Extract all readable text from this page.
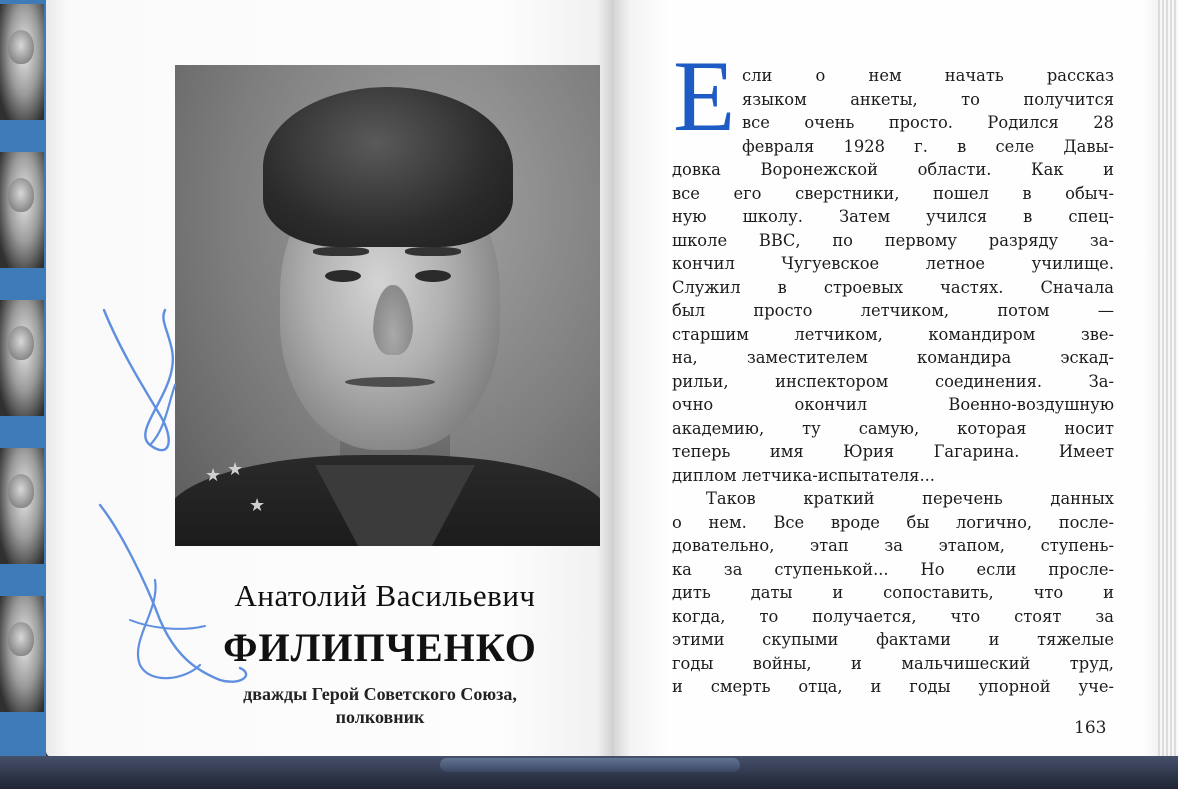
★ ★
★
Анатолий Васильевич
ФИЛИПЧЕНКО
дважды Герой Советского Союза,
полковник
Е сли о нем начать рассказ
языком анкеты, то получится
все очень просто. Родился 28
февраля 1928 г. в селе Давы-
довка Воронежской области. Как и
все его сверстники, пошел в обыч-
ную школу. Затем учился в спец-
школе ВВС, по первому разряду за-
кончил Чугуевское летное училище.
Служил в строевых частях. Сначала
был просто летчиком, потом —
старшим летчиком, командиром зве-
на, заместителем командира эскад-
рильи, инспектором соединения. За-
очно окончил Военно-воздушную
академию, ту самую, которая носит
теперь имя Юрия Гагарина. Имеет
диплом летчика-испытателя...
Таков краткий перечень данных
о нем. Все вроде бы логично, после-
довательно, этап за этапом, ступень-
ка за ступенькой... Но если просле-
дить даты и сопоставить, что и
когда, то получается, что стоят за
этими скупыми фактами и тяжелые
годы войны, и мальчишеский труд,
и смерть отца, и годы упорной уче-
163
